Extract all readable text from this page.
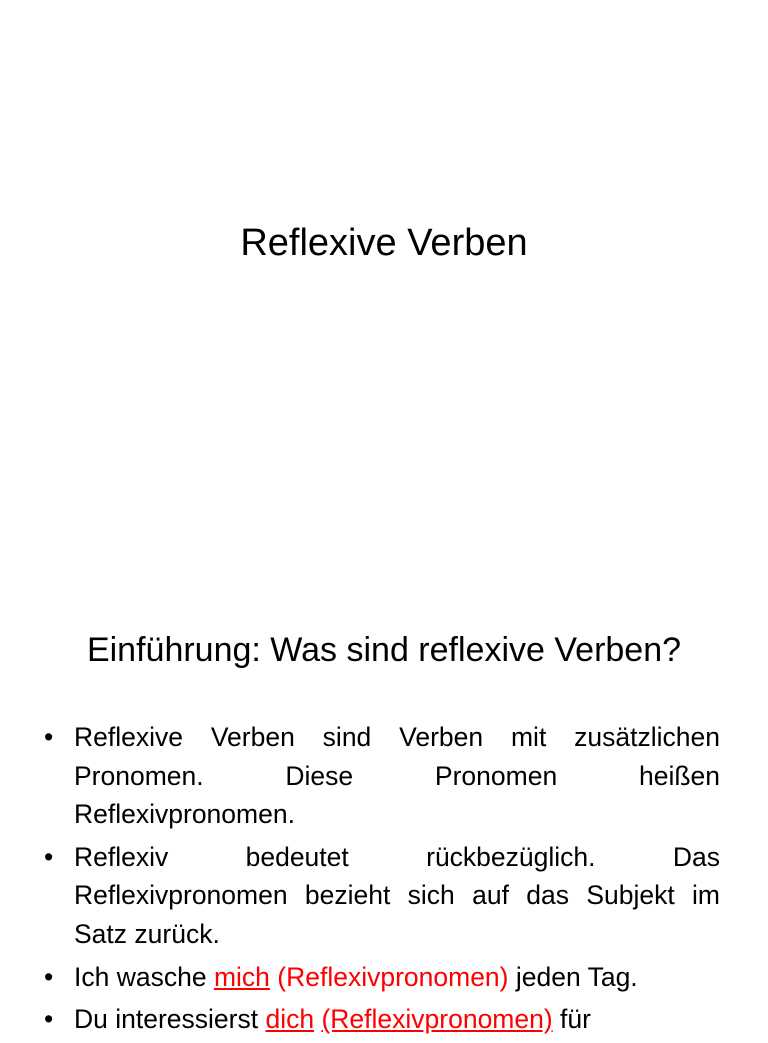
Reflexive Verben
Einführung: Was sind reflexive Verben?
• Reflexive Verben sind Verben mit zusätzlichen Pronomen. Diese Pronomen heißen Reflexivpronomen.
• Reflexiv bedeutet rückbezüglich. Das Reflexivpronomen bezieht sich auf das Subjekt im Satz zurück.
• Ich wasche mich (Reflexivpronomen) jeden Tag.
• Du interessierst dich (Reflexivpronomen) für
